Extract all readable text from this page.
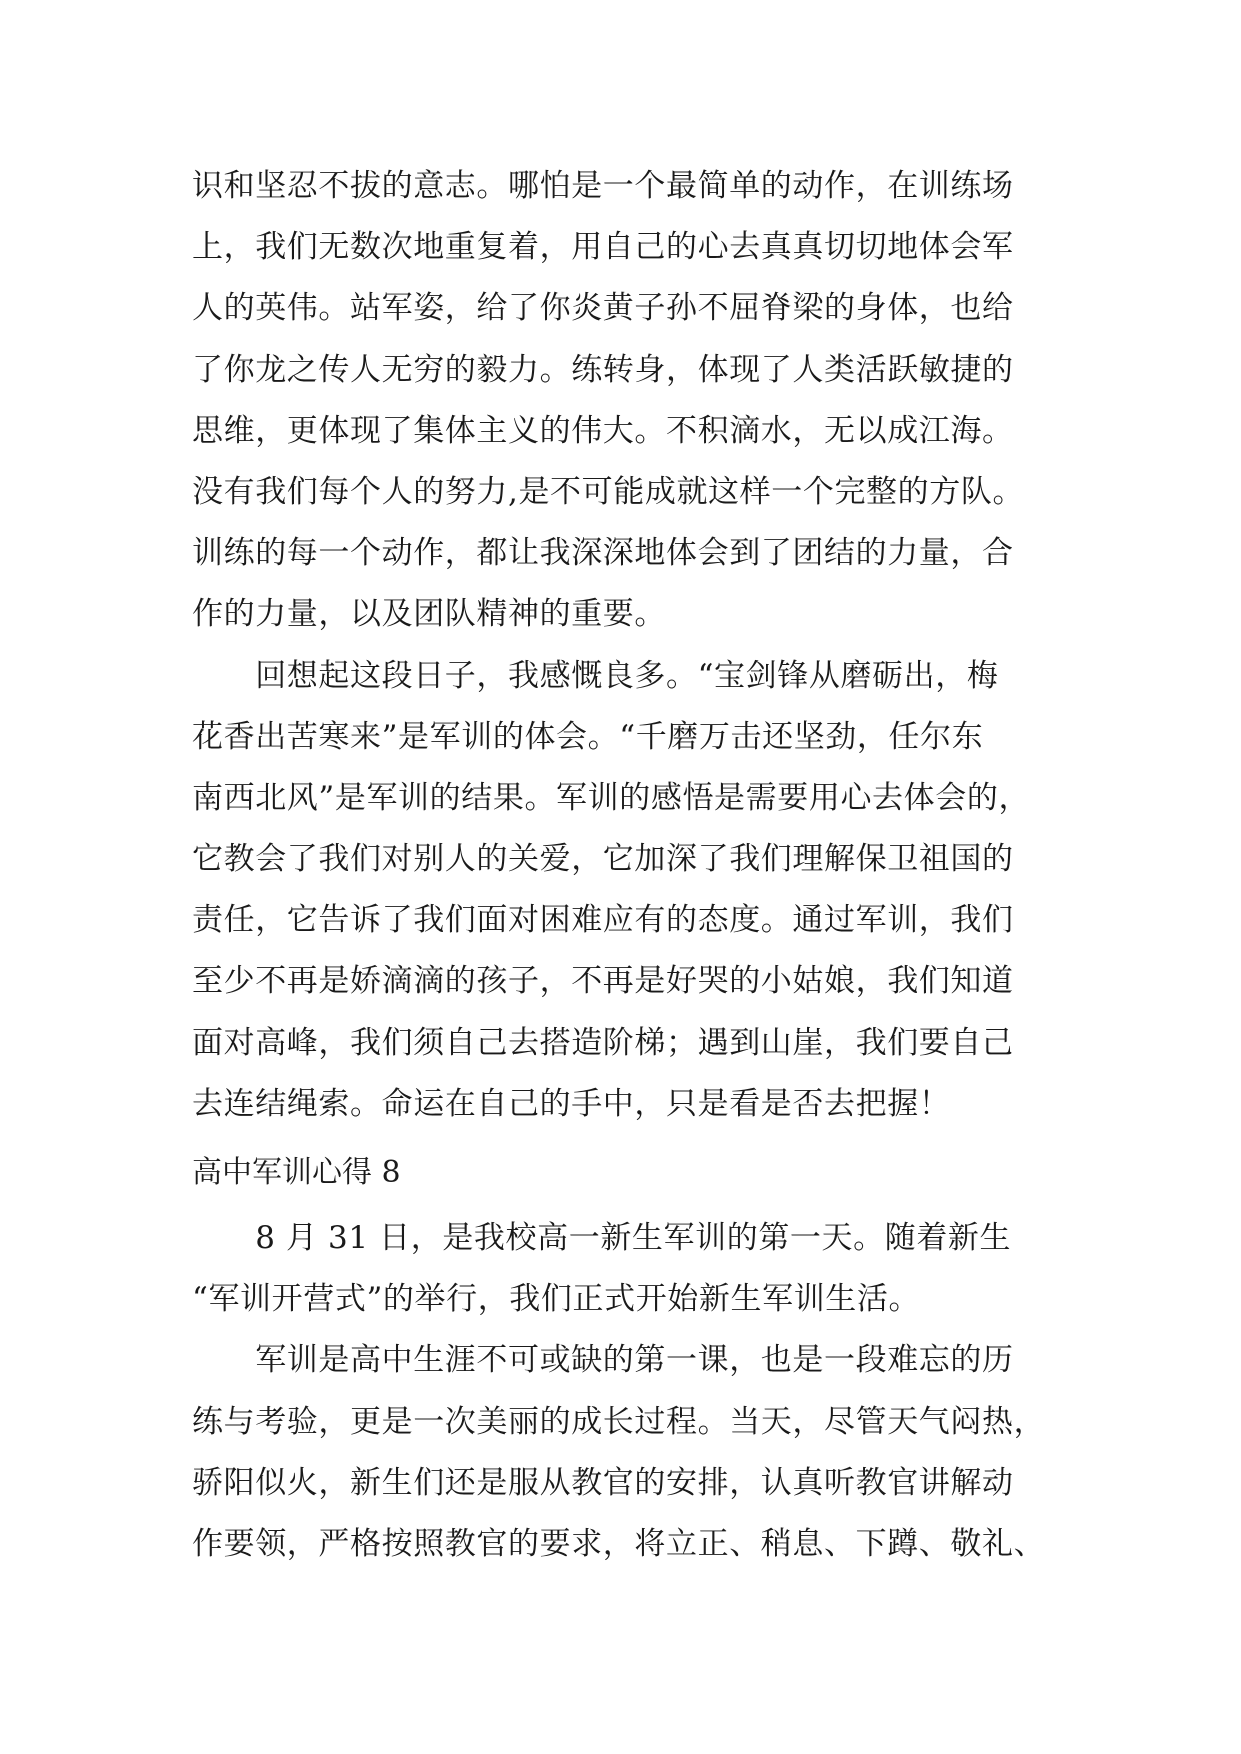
识和坚忍不拔的意志。哪怕是一个最简单的动作，在训练场
上，我们无数次地重复着，用自己的心去真真切切地体会军
人的英伟。站军姿，给了你炎黄子孙不屈脊梁的身体，也给
了你龙之传人无穷的毅力。练转身，体现了人类活跃敏捷的
思维，更体现了集体主义的伟大。不积滴水，无以成江海。
没有我们每个人的努力,是不可能成就这样一个完整的方队。
训练的每一个动作，都让我深深地体会到了团结的力量，合
作的力量，以及团队精神的重要。
　　回想起这段日子，我感慨良多。“宝剑锋从磨砺出，梅
花香出苦寒来”是军训的体会。“千磨万击还坚劲，任尔东
南西北风”是军训的结果。军训的感悟是需要用心去体会的，
它教会了我们对别人的关爱，它加深了我们理解保卫祖国的
责任，它告诉了我们面对困难应有的态度。通过军训，我们
至少不再是娇滴滴的孩子，不再是好哭的小姑娘，我们知道
面对高峰，我们须自己去搭造阶梯；遇到山崖，我们要自己
去连结绳索。命运在自己的手中，只是看是否去把握！
高中军训心得 8
　　8 月 31 日，是我校高一新生军训的第一天。随着新生
“军训开营式”的举行，我们正式开始新生军训生活。
　　军训是高中生涯不可或缺的第一课，也是一段难忘的历
练与考验，更是一次美丽的成长过程。当天，尽管天气闷热，
骄阳似火，新生们还是服从教官的安排，认真听教官讲解动
作要领，严格按照教官的要求，将立正、稍息、下蹲、敬礼、
